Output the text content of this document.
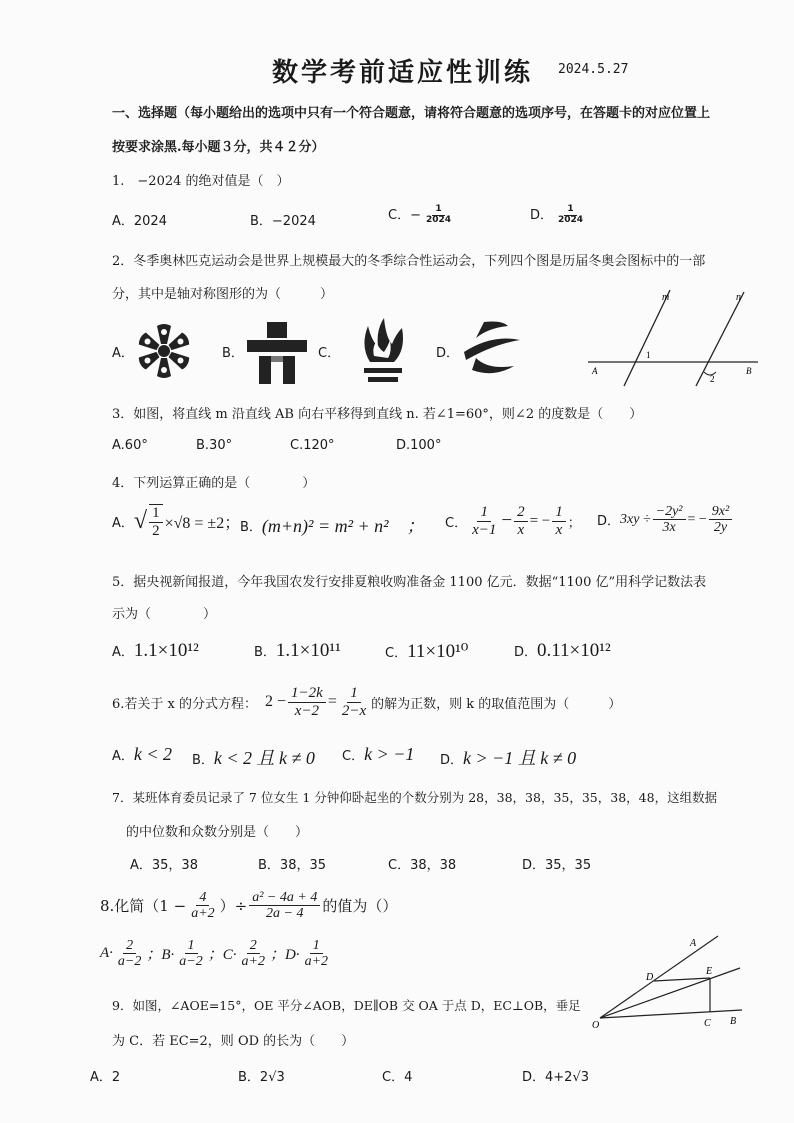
数学考前适应性训练 2024.5.27
一、选择题（每小题给出的选项中只有一个符合题意，请将符合题意的选项序号，在答题卡的对应位置上
按要求涂黑.每小题３分，共４２分）
1.　−2024 的绝对值是（　）
A．2024	B．−2024	C．− $\frac{1}{2024}$	D． $\frac{1}{2024}$
2．冬季奥林匹克运动会是世界上规模最大的冬季综合性运动会，下列四个图是历届冬奥会图标中的一部
分，其中是轴对称图形的为（　　　）
A．	B．	C．	D．
m	n
1
2
A	B
3．如图，将直线 m 沿直线 AB 向右平移得到直线 n. 若∠1=60°，则∠2 的度数是（　　）
A.60°	B.30°	C.120°	D.100°
4．下列运算正确的是（　　　　）
A． √ $\frac{1}{2} \times√8 = \pm 2$； B． (m+n)² = m² + n²　； C． $\frac{1}{x-1} - \frac{2}{x}$ = − $\frac{1}{x}$ ； D． $3xy \div \frac{\text{−2y²}}{3x}$ = − $\frac{\text{9x²}}{2y}$
5．据央视新闻报道，今年我国农发行安排夏粮收购准备金 1100 亿元．数据“1100 亿”用科学记数法表
示为（　　　　）
A．1.1×10¹²	B．1.1×10¹¹	C．11×10¹⁰	D．0.11×10¹²
6.若关于 x 的分式方程： $2 - \frac{1-2k}{x-2} = \frac{1}{2-x}$ 的解为正数，则 k 的取值范围为（　　　）
A．k < 2 B．k < 2 且 k ≠ 0 C．k > −1 D．k > −1 且 k ≠ 0
7．某班体育委员记录了 7 位女生 1 分钟仰卧起坐的个数分别为 28，38，38，35，35，38，48，这组数据
的中位数和众数分别是（　　）
A．35，38	B．38，35	C．38，38	D．35，35
8.化简（$1 - \frac{4}{a+2}$ ）÷ $\frac{\text{a² − 4a + 4}}{2a - 4}$ 的值为（）
$A\cdot \frac{2}{a-2}$ ；$B\cdot \frac{1}{a-2}$ ；$C\cdot \frac{2}{a+2}$ ；$D\cdot \frac{1}{a+2}$	A
D
E
O	C B
9．如图，∠AOE=15°，OE 平分∠AOB，DE∥OB 交 OA 于点 D，EC⊥OB，垂足
为 C．若 EC=2，则 OD 的长为（　　）
A．2	B．2√3	C．4	D．4+2√3
